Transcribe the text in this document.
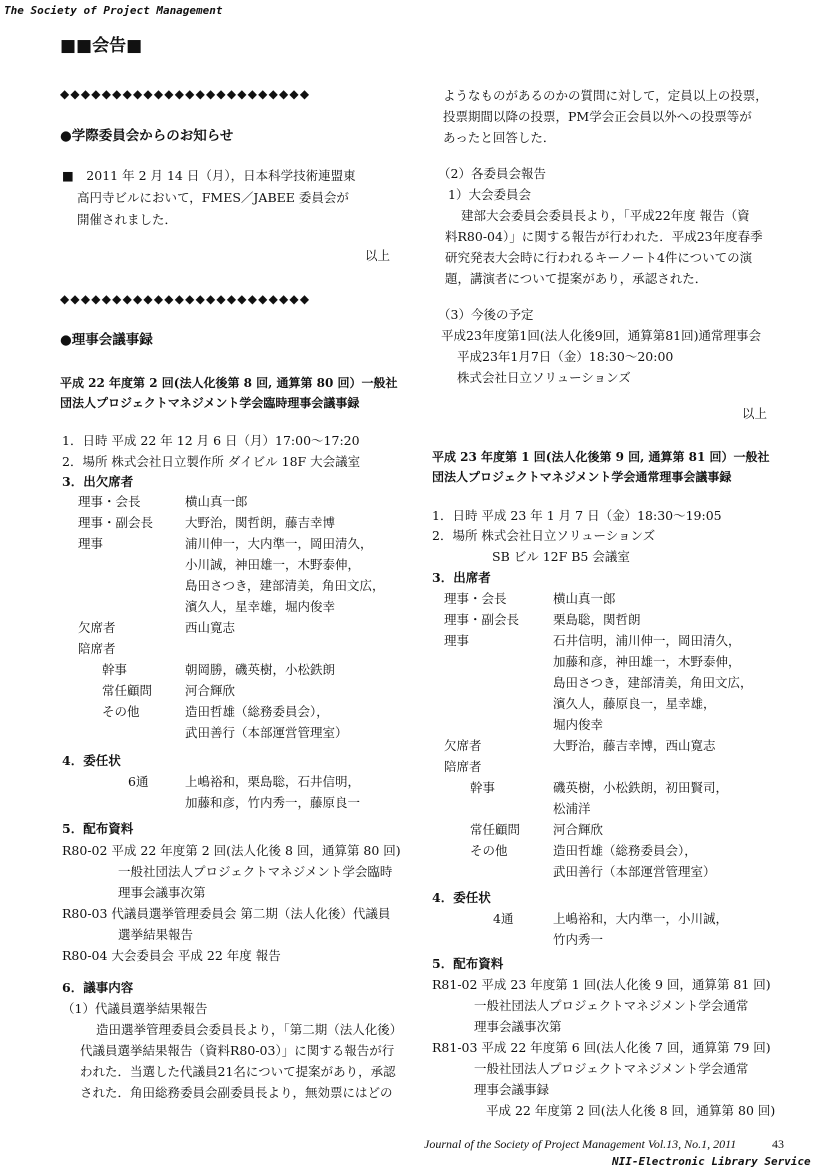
The Society of Project Management
■■会告■
◆◆◆◆◆◆◆◆◆◆◆◆◆◆◆◆◆◆◆◆◆◆◆◆
●学際委員会からのお知らせ
■　2011 年 2 月 14 日（月），日本科学技術連盟東
高円寺ビルにおいて，FMES／JABEE 委員会が
開催されました．
以上
◆◆◆◆◆◆◆◆◆◆◆◆◆◆◆◆◆◆◆◆◆◆◆◆
●理事会議事録
平成 22 年度第 2 回(法人化後第 8 回, 通算第 80 回）一般社
団法人プロジェクトマネジメント学会臨時理事会議事録
1．日時 平成 22 年 12 月 6 日（月）17:00～17:20
2．場所 株式会社日立製作所 ダイビル 18F 大会議室
3．出欠席者
理事・会長	横山真一郎
理事・副会長	大野治，関哲朗，藤吉幸博
理事	浦川伸一，大内準一，岡田清久，
小川誠，神田雄一，木野泰伸，
島田さつき，建部清美，角田文広，
濱久人，星幸雄，堀内俊幸
欠席者	西山寛志
陪席者
幹事	朝岡勝，磯英樹，小松鉄朗
常任顧問	河合輝欣
その他	造田哲雄（総務委員会），
武田善行（本部運営管理室）
4．委任状
6通	上嶋裕和，栗島聡，石井信明，
加藤和彦，竹内秀一，藤原良一
5．配布資料
R80-02 平成 22 年度第 2 回(法人化後 8 回，通算第 80 回)
一般社団法人プロジェクトマネジメント学会臨時
理事会議事次第
R80-03 代議員選挙管理委員会 第二期（法人化後）代議員
選挙結果報告
R80-04 大会委員会 平成 22 年度 報告
6．議事内容
（1）代議員選挙結果報告
造田選挙管理委員会委員長より，「第二期（法人化後）
代議員選挙結果報告（資料R80-03）」に関する報告が行
われた．当選した代議員21名について提案があり，承認
された．角田総務委員会副委員長より，無効票にはどの
ようなものがあるのかの質問に対して，定員以上の投票，
投票期間以降の投票，PM学会正会員以外への投票等が
あったと回答した．
（2）各委員会報告
1）大会委員会
建部大会委員会委員長より，「平成22年度 報告（資
料R80-04）」に関する報告が行われた．平成23年度春季
研究発表大会時に行われるキーノート4件についての演
題，講演者について提案があり，承認された．
（3）今後の予定
平成23年度第1回(法人化後9回，通算第81回)通常理事会
平成23年1月7日（金）18:30～20:00
株式会社日立ソリューションズ
以上
平成 23 年度第 1 回(法人化後第 9 回, 通算第 81 回）一般社
団法人プロジェクトマネジメント学会通常理事会議事録
1．日時 平成 23 年 1 月 7 日（金）18:30～19:05
2．場所 株式会社日立ソリューションズ
SB ビル 12F B5 会議室
3．出席者
理事・会長	横山真一郎
理事・副会長	栗島聡，関哲朗
理事	石井信明，浦川伸一，岡田清久，
加藤和彦，神田雄一，木野泰伸，
島田さつき，建部清美，角田文広，
濱久人，藤原良一，星幸雄，
堀内俊幸
欠席者	大野治，藤吉幸博，西山寛志
陪席者
幹事	磯英樹，小松鉄朗，初田賢司，
松浦洋
常任顧問	河合輝欣
その他	造田哲雄（総務委員会），
武田善行（本部運営管理室）
4．委任状
4通	上嶋裕和，大内準一，小川誠，
竹内秀一
5．配布資料
R81-02 平成 23 年度第 1 回(法人化後 9 回，通算第 81 回)
一般社団法人プロジェクトマネジメント学会通常
理事会議事次第
R81-03 平成 22 年度第 6 回(法人化後 7 回，通算第 79 回)
一般社団法人プロジェクトマネジメント学会通常
理事会議事録
平成 22 年度第 2 回(法人化後 8 回，通算第 80 回)
Journal of the Society of Project Management Vol.13, No.1, 2011	43
NII-Electronic Library Service
